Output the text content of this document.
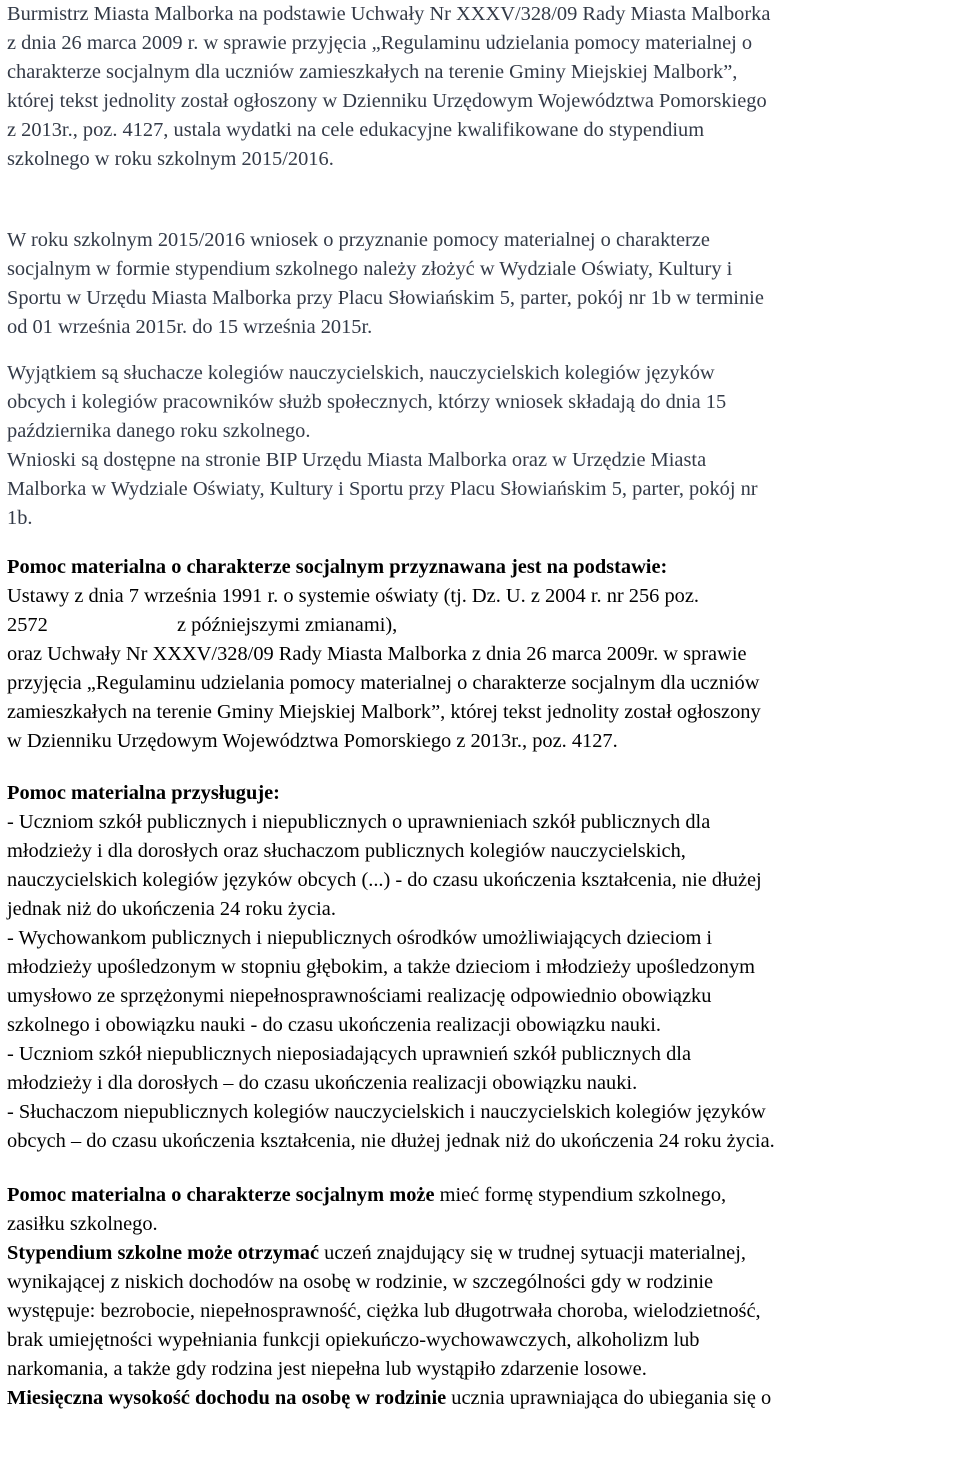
Burmistrz Miasta Malborka na podstawie Uchwały Nr XXXV/328/09 Rady Miasta Malborka
z dnia 26 marca 2009 r. w sprawie przyjęcia „Regulaminu udzielania pomocy materialnej o
charakterze socjalnym dla uczniów zamieszkałych na terenie Gminy Miejskiej Malbork”,
której tekst jednolity został ogłoszony w Dzienniku Urzędowym Województwa Pomorskiego
z 2013r., poz. 4127, ustala wydatki na cele edukacyjne kwalifikowane do stypendium
szkolnego w roku szkolnym 2015/2016.
W roku szkolnym 2015/2016 wniosek o przyznanie pomocy materialnej o charakterze
socjalnym w formie stypendium szkolnego należy złożyć w Wydziale Oświaty, Kultury i
Sportu w Urzędu Miasta Malborka przy Placu Słowiańskim 5, parter, pokój nr 1b w terminie
od 01 września 2015r. do 15 września 2015r.
Wyjątkiem są słuchacze kolegiów nauczycielskich, nauczycielskich kolegiów języków
obcych i kolegiów pracowników służb społecznych, którzy wniosek składają do dnia 15
października danego roku szkolnego.
Wnioski są dostępne na stronie BIP Urzędu Miasta Malborka oraz w Urzędzie Miasta
Malborka w Wydziale Oświaty, Kultury i Sportu przy Placu Słowiańskim 5, parter, pokój nr
1b.
Pomoc materialna o charakterze socjalnym przyznawana jest na podstawie:
Ustawy z dnia 7 września 1991 r. o systemie oświaty (tj. Dz. U. z 2004 r. nr 256 poz.
2572	z późniejszymi zmianami),
oraz Uchwały Nr XXXV/328/09 Rady Miasta Malborka z dnia 26 marca 2009r. w sprawie
przyjęcia „Regulaminu udzielania pomocy materialnej o charakterze socjalnym dla uczniów
zamieszkałych na terenie Gminy Miejskiej Malbork”, której tekst jednolity został ogłoszony
w Dzienniku Urzędowym Województwa Pomorskiego z 2013r., poz. 4127.
Pomoc materialna przysługuje:
- Uczniom szkół publicznych i niepublicznych o uprawnieniach szkół publicznych dla
młodzieży i dla dorosłych oraz słuchaczom publicznych kolegiów nauczycielskich,
nauczycielskich kolegiów języków obcych (...) - do czasu ukończenia kształcenia, nie dłużej
jednak niż do ukończenia 24 roku życia.
- Wychowankom publicznych i niepublicznych ośrodków umożliwiających dzieciom i
młodzieży upośledzonym w stopniu głębokim, a także dzieciom i młodzieży upośledzonym
umysłowo ze sprzężonymi niepełnosprawnościami realizację odpowiednio obowiązku
szkolnego i obowiązku nauki - do czasu ukończenia realizacji obowiązku nauki.
- Uczniom szkół niepublicznych nieposiadających uprawnień szkół publicznych dla
młodzieży i dla dorosłych – do czasu ukończenia realizacji obowiązku nauki.
- Słuchaczom niepublicznych kolegiów nauczycielskich i nauczycielskich kolegiów języków
obcych – do czasu ukończenia kształcenia, nie dłużej jednak niż do ukończenia 24 roku życia.
Pomoc materialna o charakterze socjalnym może mieć formę stypendium szkolnego,
zasiłku szkolnego.
Stypendium szkolne może otrzymać uczeń znajdujący się w trudnej sytuacji materialnej,
wynikającej z niskich dochodów na osobę w rodzinie, w szczególności gdy w rodzinie
występuje: bezrobocie, niepełnosprawność, ciężka lub długotrwała choroba, wielodzietność,
brak umiejętności wypełniania funkcji opiekuńczo-wychowawczych, alkoholizm lub
narkomania, a także gdy rodzina jest niepełna lub wystąpiło zdarzenie losowe.
Miesięczna wysokość dochodu na osobę w rodzinie ucznia uprawniająca do ubiegania się o
